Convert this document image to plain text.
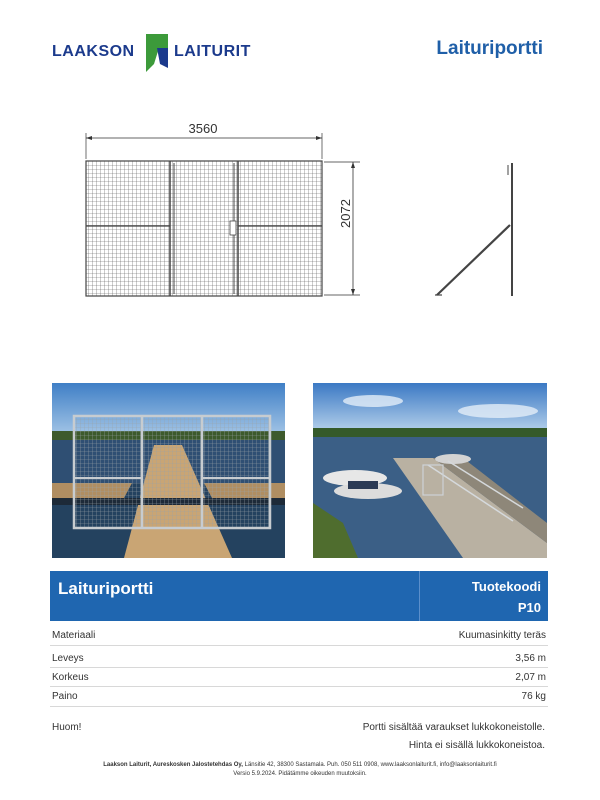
LAAKSON LAITURIT	Laituriportti
3560
2072
Laituriportti	Tuotekoodi
P10
Materiaali	Kuumasinkitty teräs
Leveys	3,56 m
Korkeus	2,07 m
Paino	76 kg
Huom!	Portti sisältää varaukset lukkokoneistolle.
Hinta ei sisällä lukkokoneistoa.
Laakson Laiturit, Aureskosken Jalostetehdas Oy, Länsitie 42, 38300 Sastamala. Puh. 050 511 0908, www.laaksonlaiturit.fi, info@laaksonlaiturit.fi
Versio 5.9.2024. Pidätämme oikeuden muutoksiin.
